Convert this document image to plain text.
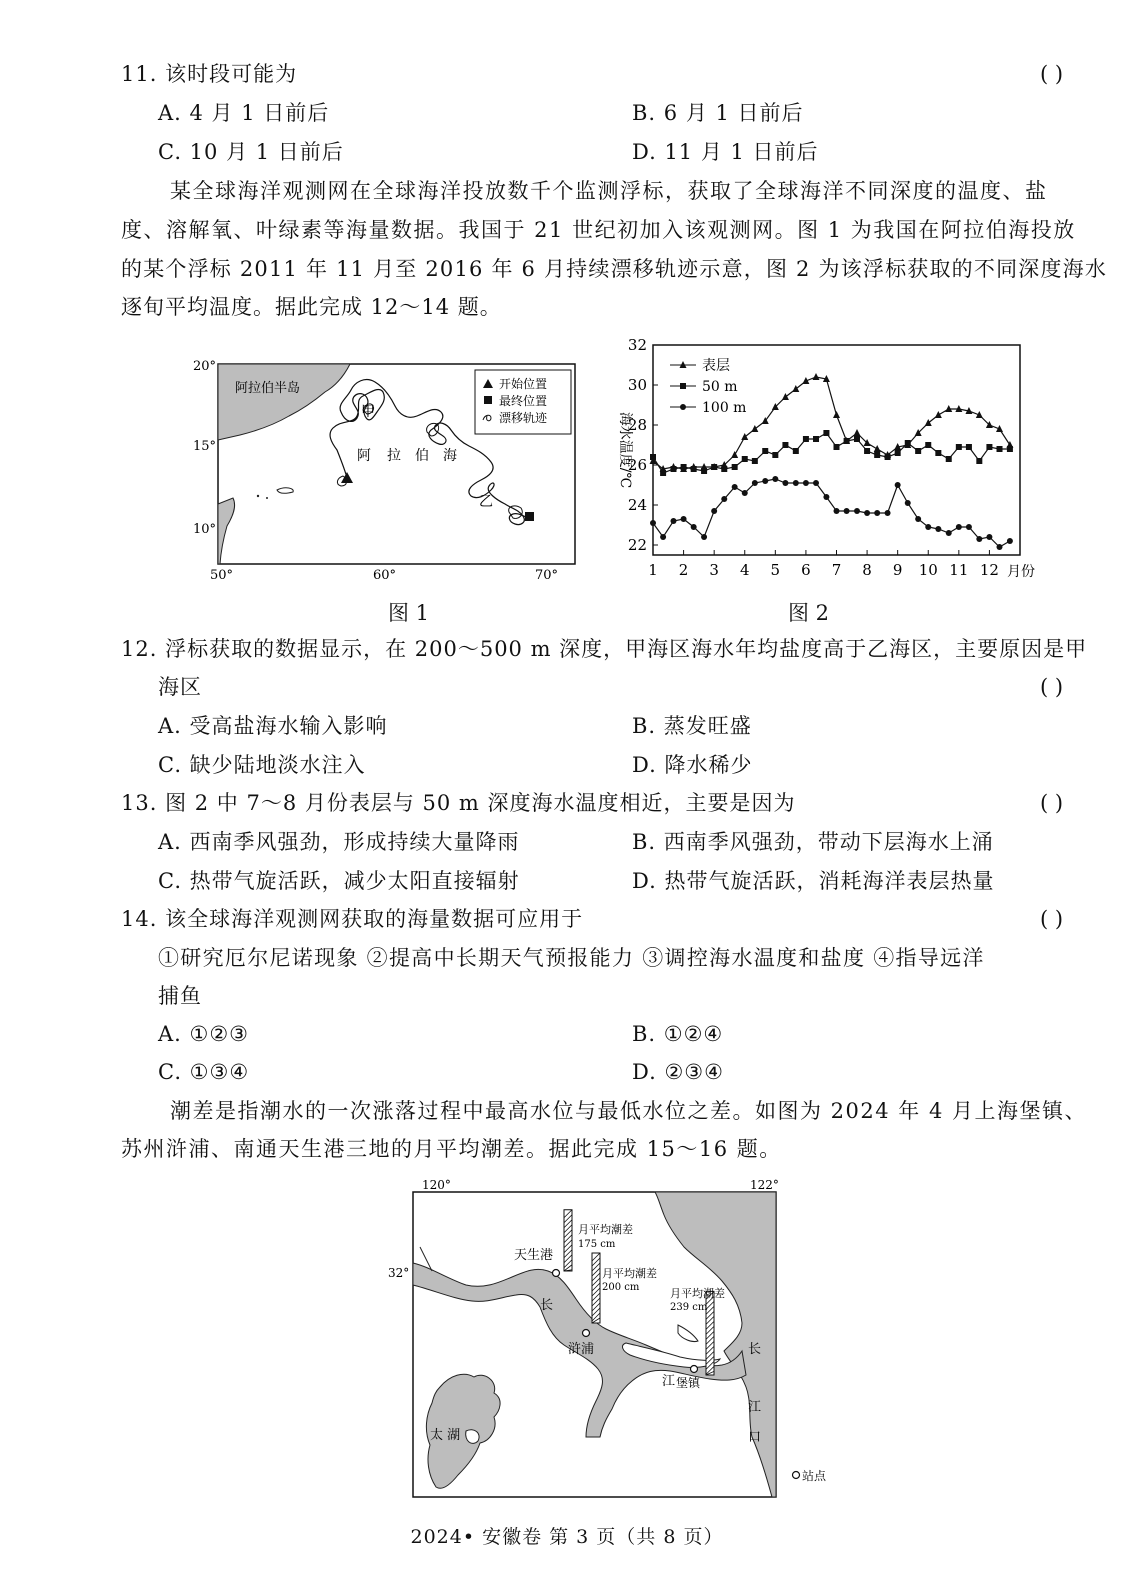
11. 该时段可能为	( )
A. 4 月 1 日前后	B. 6 月 1 日前后
C. 10 月 1 日前后	D. 11 月 1 日前后
某全球海洋观测网在全球海洋投放数千个监测浮标，获取了全球海洋不同深度的温度、盐
度、溶解氧、叶绿素等海量数据。我国于 21 世纪初加入该观测网。图 1 为我国在阿拉伯海投放
的某个浮标 2011 年 11 月至 2016 年 6 月持续漂移轨迹示意，图 2 为该浮标获取的不同深度海水
逐旬平均温度。据此完成 12～14 题。
阿拉伯半岛
甲
阿 拉 伯 海
乙
开始位置
最终位置
漂移轨迹
20°
15°
10°
50°	60°	70°
图 1
海水温度/℃
22
24
26
28
30
32
1 2 3 4 5 6 7 8 9 10 11 12
表层
50 m
100 m
月份
图 2
12. 浮标获取的数据显示，在 200～500 m 深度，甲海区海水年均盐度高于乙海区，主要原因是甲
海区	( )
A. 受高盐海水输入影响	B. 蒸发旺盛
C. 缺少陆地淡水注入	D. 降水稀少
13. 图 2 中 7～8 月份表层与 50 m 深度海水温度相近，主要是因为	( )
A. 西南季风强劲，形成持续大量降雨	B. 西南季风强劲，带动下层海水上涌
C. 热带气旋活跃，减少太阳直接辐射	D. 热带气旋活跃，消耗海洋表层热量
14. 该全球海洋观测网获取的海量数据可应用于	( )
①研究厄尔尼诺现象 ②提高中长期天气预报能力 ③调控海水温度和盐度 ④指导远洋
捕鱼
A. ①②③	B. ①②④
C. ①③④	D. ②③④
潮差是指潮水的一次涨落过程中最高水位与最低水位之差。如图为 2024 年 4 月上海堡镇、
苏州浒浦、南通天生港三地的月平均潮差。据此完成 15～16 题。
太 湖
天生港
浒浦
堡镇
月平均潮差
175 cm
月平均潮差
200 cm	月平均潮差
239 cm
长
江
长
江
口
120°	122°
32°
站点
2024• 安徽卷 第 3 页（共 8 页）
